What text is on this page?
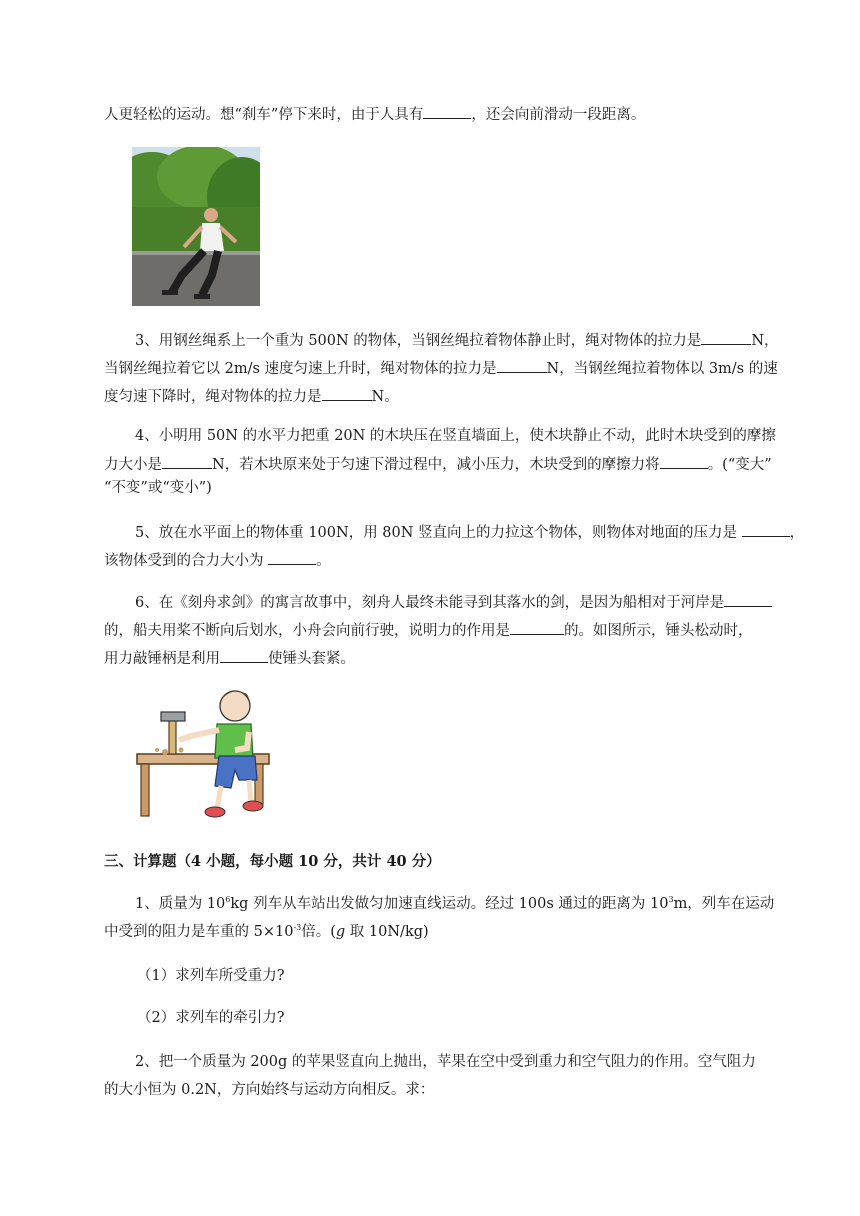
人更轻松的运动。想“刹车”停下来时，由于人具有	，还会向前滑动一段距离。
3、用钢丝绳系上一个重为 500N 的物体，当钢丝绳拉着物体静止时，绳对物体的拉力是	N，
当钢丝绳拉着它以 2m/s 速度匀速上升时，绳对物体的拉力是	N，当钢丝绳拉着物体以 3m/s 的速
度匀速下降时，绳对物体的拉力是	N。
4、小明用 50N 的水平力把重 20N 的木块压在竖直墙面上，使木块静止不动，此时木块受到的摩擦
力大小是	N，若木块原来处于匀速下滑过程中，减小压力，木块受到的摩擦力将	。(“变大”
“不变”或“变小”)
5、放在水平面上的物体重 100N，用 80N 竖直向上的力拉这个物体，则物体对地面的压力是	，
该物体受到的合力大小为	。
6、在《刻舟求剑》的寓言故事中，刻舟人最终未能寻到其落水的剑，是因为船相对于河岸是
的，船夫用桨不断向后划水，小舟会向前行驶，说明力的作用是	的。如图所示，锤头松动时，
用力敲锤柄是利用	使锤头套紧。
三、计算题（4 小题，每小题 10 分，共计 40 分）
1、质量为 $10^6kg$ 列车从车站出发做匀加速直线运动。经过 100s 通过的距离为 $10^3m$，列车在运动
中受到的阻力是车重的 $5\times 10^{-3}$倍。(g 取 10N/kg)
（1）求列车所受重力?
（2）求列车的牵引力?
2、把一个质量为 200g 的苹果竖直向上抛出，苹果在空中受到重力和空气阻力的作用。空气阻力
的大小恒为 0.2N，方向始终与运动方向相反。求：
